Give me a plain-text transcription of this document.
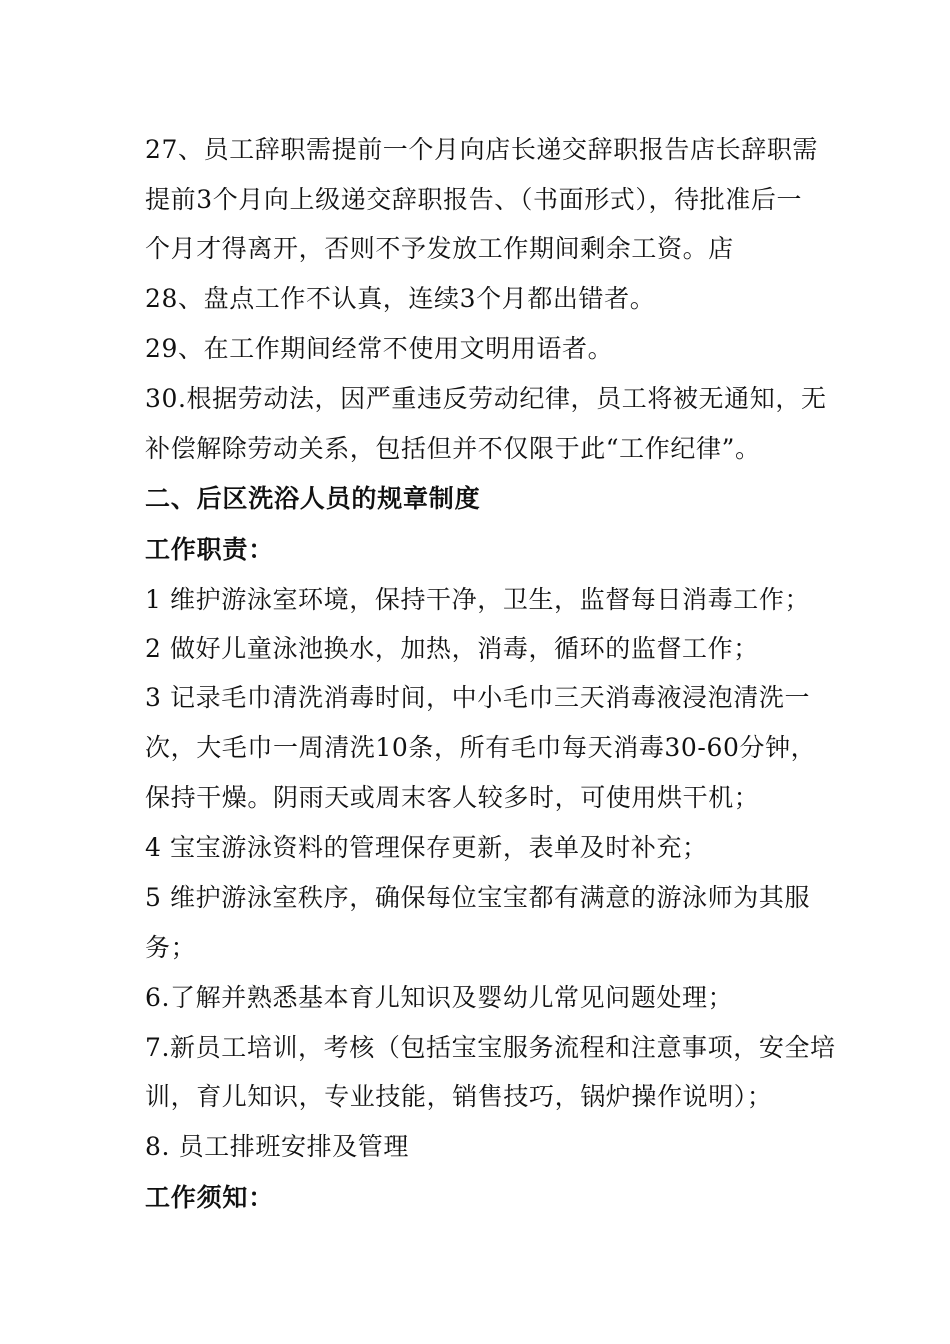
27、员工辞职需提前一个月向店长递交辞职报告店长辞职需
提前3个月向上级递交辞职报告、（书面形式），待批准后一
个月才得离开，否则不予发放工作期间剩余工资。店
28、盘点工作不认真，连续3个月都出错者。
29、在工作期间经常不使用文明用语者。
30.根据劳动法，因严重违反劳动纪律，员工将被无通知，无
补偿解除劳动关系，包括但并不仅限于此“工作纪律”。
二、后区洗浴人员的规章制度
工作职责：
1 维护游泳室环境，保持干净，卫生，监督每日消毒工作；
2 做好儿童泳池换水，加热，消毒，循环的监督工作；
3 记录毛巾清洗消毒时间，中小毛巾三天消毒液浸泡清洗一
次，大毛巾一周清洗10条，所有毛巾每天消毒30-60分钟，
保持干燥。阴雨天或周末客人较多时，可使用烘干机；
4 宝宝游泳资料的管理保存更新，表单及时补充；
5 维护游泳室秩序，确保每位宝宝都有满意的游泳师为其服
务；
6.了解并熟悉基本育儿知识及婴幼儿常见问题处理；
7.新员工培训，考核（包括宝宝服务流程和注意事项，安全培
训，育儿知识，专业技能，销售技巧，锅炉操作说明）；
8. 员工排班安排及管理
工作须知：
